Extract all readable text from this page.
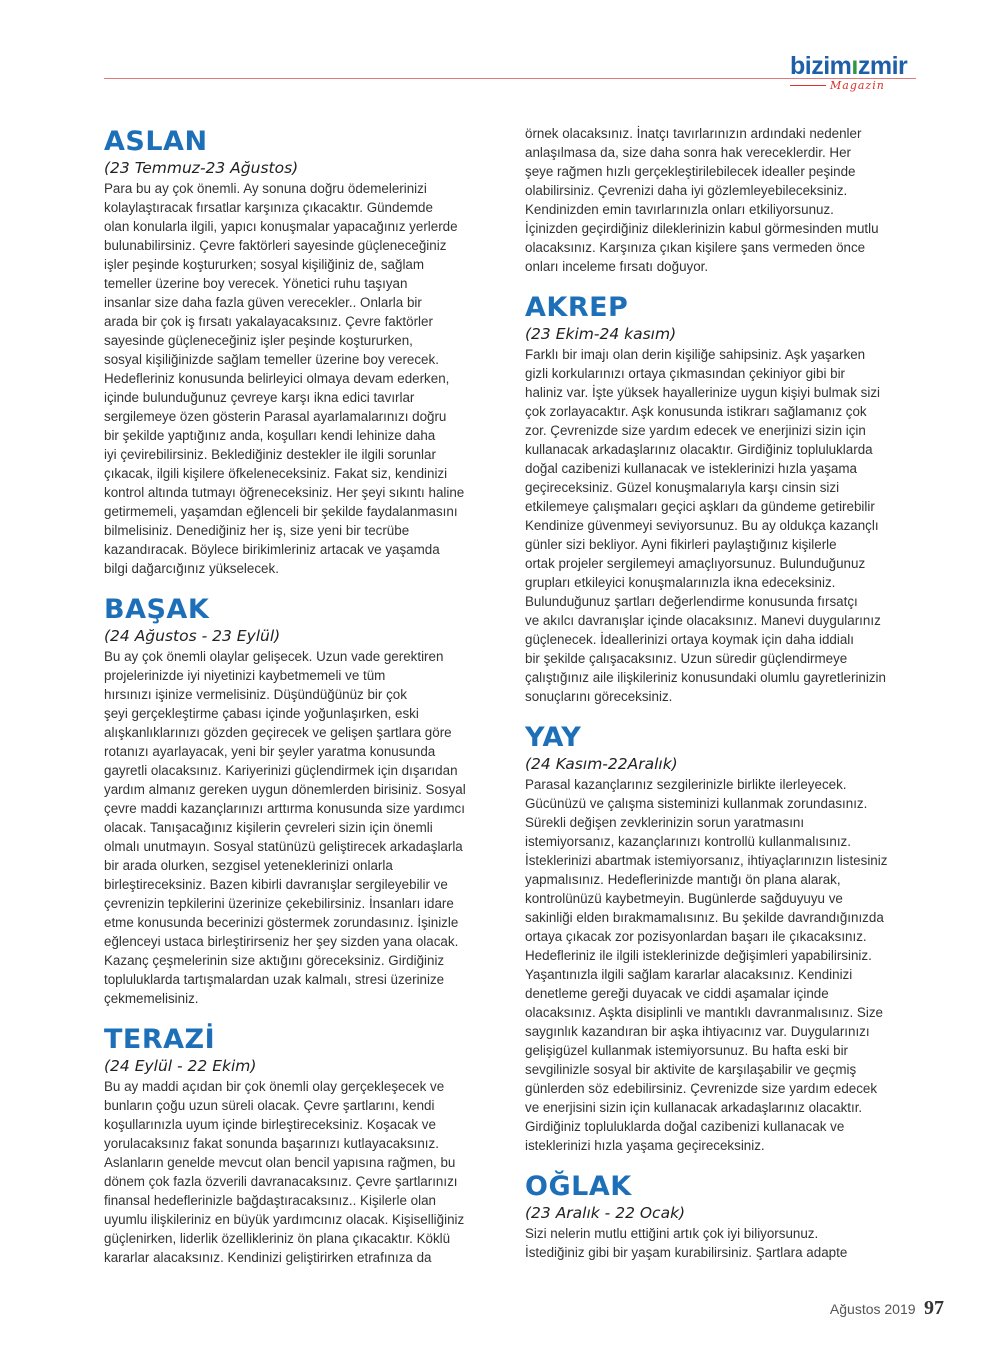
bizimızmir
Magazin
ASLAN
(23 Temmuz-23 Ağustos)
Para bu ay çok önemli. Ay sonuna doğru ödemelerinizi
kolaylaştıracak fırsatlar karşınıza çıkacaktır. Gündemde
olan konularla ilgili, yapıcı konuşmalar yapacağınız yerlerde
bulunabilirsiniz. Çevre faktörleri sayesinde güçleneceğiniz
işler peşinde koştururken; sosyal kişiliğiniz de, sağlam
temeller üzerine boy verecek. Yönetici ruhu taşıyan
insanlar size daha fazla güven verecekler.. Onlarla bir
arada bir çok iş fırsatı yakalayacaksınız. Çevre faktörler
sayesinde güçleneceğiniz işler peşinde koştururken,
sosyal kişiliğinizde sağlam temeller üzerine boy verecek.
Hedefleriniz konusunda belirleyici olmaya devam ederken,
içinde bulunduğunuz çevreye karşı ikna edici tavırlar
sergilemeye özen gösterin Parasal ayarlamalarınızı doğru
bir şekilde yaptığınız anda, koşulları kendi lehinize daha
iyi çevirebilirsiniz. Beklediğiniz destekler ile ilgili sorunlar
çıkacak, ilgili kişilere öfkeleneceksiniz. Fakat siz, kendinizi
kontrol altında tutmayı öğreneceksiniz. Her şeyi sıkıntı haline
getirmemeli, yaşamdan eğlenceli bir şekilde faydalanmasını
bilmelisiniz. Denediğiniz her iş, size yeni bir tecrübe
kazandıracak. Böylece birikimleriniz artacak ve yaşamda
bilgi dağarcığınız yükselecek.
BAŞAK
(24 Ağustos - 23 Eylül)
Bu ay çok önemli olaylar gelişecek. Uzun vade gerektiren
projelerinizde iyi niyetinizi kaybetmemeli ve tüm
hırsınızı işinize vermelisiniz. Düşündüğünüz bir çok
şeyi gerçekleştirme çabası içinde yoğunlaşırken, eski
alışkanlıklarınızı gözden geçirecek ve gelişen şartlara göre
rotanızı ayarlayacak, yeni bir şeyler yaratma konusunda
gayretli olacaksınız. Kariyerinizi güçlendirmek için dışarıdan
yardım almanız gereken uygun dönemlerden birisiniz. Sosyal
çevre maddi kazançlarınızı arttırma konusunda size yardımcı
olacak. Tanışacağınız kişilerin çevreleri sizin için önemli
olmalı unutmayın. Sosyal statünüzü geliştirecek arkadaşlarla
bir arada olurken, sezgisel yeteneklerinizi onlarla
birleştireceksiniz. Bazen kibirli davranışlar sergileyebilir ve
çevrenizin tepkilerini üzerinize çekebilirsiniz. İnsanları idare
etme konusunda becerinizi göstermek zorundasınız. İşinizle
eğlenceyi ustaca birleştirirseniz her şey sizden yana olacak.
Kazanç çeşmelerinin size aktığını göreceksiniz. Girdiğiniz
topluluklarda tartışmalardan uzak kalmalı, stresi üzerinize
çekmemelisiniz.
TERAZİ
(24 Eylül - 22 Ekim)
Bu ay maddi açıdan bir çok önemli olay gerçekleşecek ve
bunların çoğu uzun süreli olacak. Çevre şartlarını, kendi
koşullarınızla uyum içinde birleştireceksiniz. Koşacak ve
yorulacaksınız fakat sonunda başarınızı kutlayacaksınız.
Aslanların genelde mevcut olan bencil yapısına rağmen, bu
dönem çok fazla özverili davranacaksınız. Çevre şartlarınızı
finansal hedeflerinizle bağdaştıracaksınız.. Kişilerle olan
uyumlu ilişkileriniz en büyük yardımcınız olacak. Kişiselliğiniz
güçlenirken, liderlik özellikleriniz ön plana çıkacaktır. Köklü
kararlar alacaksınız. Kendinizi geliştirirken etrafınıza da
örnek olacaksınız. İnatçı tavırlarınızın ardındaki nedenler
anlaşılmasa da, size daha sonra hak vereceklerdir. Her
şeye rağmen hızlı gerçekleştirilebilecek idealler peşinde
olabilirsiniz. Çevrenizi daha iyi gözlemleyebileceksiniz.
Kendinizden emin tavırlarınızla onları etkiliyorsunuz.
İçinizden geçirdiğiniz dileklerinizin kabul görmesinden mutlu
olacaksınız. Karşınıza çıkan kişilere şans vermeden önce
onları inceleme fırsatı doğuyor.
AKREP
(23 Ekim-24 kasım)
Farklı bir imajı olan derin kişiliğe sahipsiniz. Aşk yaşarken
gizli korkularınızı ortaya çıkmasından çekiniyor gibi bir
haliniz var. İşte yüksek hayallerinize uygun kişiyi bulmak sizi
çok zorlayacaktır. Aşk konusunda istikrarı sağlamanız çok
zor. Çevrenizde size yardım edecek ve enerjinizi sizin için
kullanacak arkadaşlarınız olacaktır. Girdiğiniz topluluklarda
doğal cazibenizi kullanacak ve isteklerinizi hızla yaşama
geçireceksiniz. Güzel konuşmalarıyla karşı cinsin sizi
etkilemeye çalışmaları geçici aşkları da gündeme getirebilir
Kendinize güvenmeyi seviyorsunuz. Bu ay oldukça kazançlı
günler sizi bekliyor. Ayni fikirleri paylaştığınız kişilerle
ortak projeler sergilemeyi amaçlıyorsunuz. Bulunduğunuz
grupları etkileyici konuşmalarınızla ikna edeceksiniz.
Bulunduğunuz şartları değerlendirme konusunda fırsatçı
ve akılcı davranışlar içinde olacaksınız. Manevi duygularınız
güçlenecek. İdeallerinizi ortaya koymak için daha iddialı
bir şekilde çalışacaksınız. Uzun süredir güçlendirmeye
çalıştığınız aile ilişkileriniz konusundaki olumlu gayretlerinizin
sonuçlarını göreceksiniz.
YAY
(24 Kasım-22Aralık)
Parasal kazançlarınız sezgilerinizle birlikte ilerleyecek.
Gücünüzü ve çalışma sisteminizi kullanmak zorundasınız.
Sürekli değişen zevklerinizin sorun yaratmasını
istemiyorsanız, kazançlarınızı kontrollü kullanmalısınız.
İsteklerinizi abartmak istemiyorsanız, ihtiyaçlarınızın listesiniz
yapmalısınız. Hedeflerinizde mantığı ön plana alarak,
kontrolünüzü kaybetmeyin. Bugünlerde sağduyuyu ve
sakinliği elden bırakmamalısınız. Bu şekilde davrandığınızda
ortaya çıkacak zor pozisyonlardan başarı ile çıkacaksınız.
Hedefleriniz ile ilgili isteklerinizde değişimleri yapabilirsiniz.
Yaşantınızla ilgili sağlam kararlar alacaksınız. Kendinizi
denetleme gereği duyacak ve ciddi aşamalar içinde
olacaksınız. Aşkta disiplinli ve mantıklı davranmalısınız. Size
saygınlık kazandıran bir aşka ihtiyacınız var. Duygularınızı
gelişigüzel kullanmak istemiyorsunuz. Bu hafta eski bir
sevgilinizle sosyal bir aktivite de karşılaşabilir ve geçmiş
günlerden söz edebilirsiniz. Çevrenizde size yardım edecek
ve enerjisini sizin için kullanacak arkadaşlarınız olacaktır.
Girdiğiniz topluluklarda doğal cazibenizi kullanacak ve
isteklerinizi hızla yaşama geçireceksiniz.
OĞLAK
(23 Aralık - 22 Ocak)
Sizi nelerin mutlu ettiğini artık çok iyi biliyorsunuz.
İstediğiniz gibi bir yaşam kurabilirsiniz. Şartlara adapte
Ağustos 2019 97
